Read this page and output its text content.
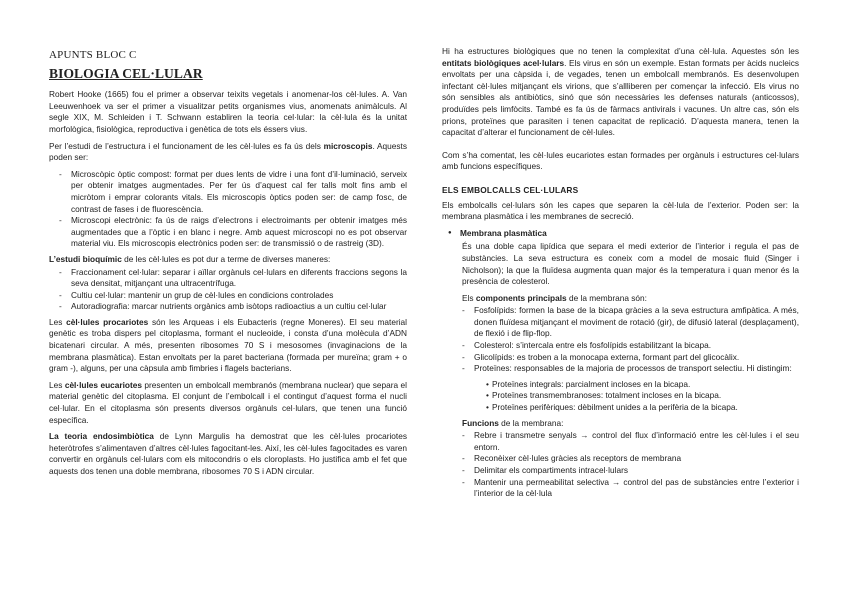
APUNTS BLOC C
BIOLOGIA CEL·LULAR

Robert Hooke (1665) fou el primer a observar teixits vegetals i anomenar-los cèl·lules. A. Van Leeuwenhoek va ser el primer a visualitzar petits organismes vius, anomenats animàlculs. Al segle XIX, M. Schleiden i T. Schwann establiren la teoria cel·lular: la cèl·lula és la unitat morfològica, fisiològica, reproductiva i genètica de tots els éssers vius.

Per l’estudi de l’estructura i el funcionament de les cèl·lules es fa ús dels microscopis. Aquests poden ser:

- Microscòpic òptic compost: format per dues lents de vidre i una font d’il·luminació, serveix per obtenir imatges augmentades. Per fer ús d’aquest cal fer talls molt fins amb el micròtom i emprar colorants vitals. Els microscopis òptics poden ser: de camp fosc, de contrast de fases i de fluorescència.
- Microscopi electrònic: fa ús de raigs d’electrons i electroimants per obtenir imatges més augmentades que a l’òptic i en blanc i negre. Amb aquest microscopi no es pot observar material viu. Els microscopis electrònics poden ser: de transmissió o de rastreig (3D).

L’estudi bioquímic de les cèl·lules es pot dur a terme de diverses maneres:

- Fraccionament cel·lular: separar i aïllar orgànuls cel·lulars en diferents fraccions segons la seva densitat, mitjançant una ultracentrífuga.
- Cultiu cel·lular: mantenir un grup de cèl·lules en condicions controlades
- Autoradiografia: marcar nutrients orgànics amb isòtops radioactius a un cultiu cel·lular

Les cèl·lules procariotes són les Arqueas i els Eubacteris (regne Moneres). El seu material genètic es troba dispers pel citoplasma, formant el nucleoide, i consta d’una molècula d’ADN bicatenari circular. A més, presenten ribosomes 70 S i mesosomes (invaginacions de la membrana plasmàtica). Estan envoltats per la paret bacteriana (formada per mureïna; gram + o gram -), alguns, per una càpsula amb fimbries i flagels bacterians.

Les cèl·lules eucariotes presenten un embolcall membranós (membrana nuclear) que separa el material genètic del citoplasma. El conjunt de l’embolcall i el contingut d’aquest forma el nucli cel·lular. En el citoplasma són presents diversos orgànuls cel·lulars, que tenen una funció específica.

La teoria endosimbiòtica de Lynn Margulis ha demostrat que les cèl·lules procariotes heteròtrofes s’alimentaven d’altres cèl·lules fagocitant-les. Així, les cèl·lules fagocitades es varen convertir en orgànuls cel·lulars com els mitocondris o els cloroplasts. Ho justifica amb el fet que aquests dos tenen una doble membrana, ribosomes 70 S i ADN circular.

Hi ha estructures biològiques que no tenen la complexitat d’una cèl·lula. Aquestes són les entitats biològiques acel·lulars. Els virus en són un exemple. Estan formats per àcids nucleics envoltats per una càpsida i, de vegades, tenen un embolcall membranós. Es desenvolupen infectant cèl·lules mitjançant els virions, que s’allliberen per començar la infecció. Els virus no són sensibles als antibiòtics, sinó que són necessàries les defenses naturals (anticossos), produïdes pels limfòcits. També es fa ús de fàrmacs antivirals i vacunes. Un altre cas, són els prions, proteïnes que parasiten i tenen capacitat de replicació. D’aquesta manera, tenen la capacitat d’alterar el funcionament de cèl·lules.

Com s’ha comentat, les cèl·lules eucariotes estan formades per orgànuls i estructures cel·lulars amb funcions específiques.

ELS EMBOLCALLS CEL·LULARS

Els embolcalls cel·lulars són les capes que separen la cèl·lula de l’exterior. Poden ser: la membrana plasmàtica i les membranes de secreció.

● Membrana plasmàtica

És una doble capa lipídica que separa el medi exterior de l’interior i regula el pas de substàncies. La seva estructura es coneix com a model de mosaic fluid (Singer i Nicholson); la que la fluïdesa augmenta quan major és la temperatura i quan menor és la presència de colesterol.

Els components principals de la membrana són:

- Fosfolípids: formen la base de la bicapa gràcies a la seva estructura amfipàtica. A més, donen fluïdesa mitjançant el moviment de rotació (gir), de difusió lateral (desplaçament), de flexió i de flip-flop.
- Colesterol: s’intercala entre els fosfolípids estabilitzant la bicapa.
- Glicolípids: es troben a la monocapa externa, formant part del glicocàlix.
- Proteïnes: responsables de la majoria de processos de transport selectiu. Hi distingim:
• Proteïnes integrals: parcialment incloses en la bicapa.
• Proteïnes transmembranoses: totalment incloses en la bicapa.
• Proteïnes perifèriques: dèbilment unides a la perifèria de la bicapa.

Funcions de la membrana:

- Rebre i transmetre senyals → control del flux d’informació entre les cèl·lules i el seu entorn.
- Reconèixer cèl·lules gràcies als receptors de membrana
- Delimitar els compartiments intracel·lulars
- Mantenir una permeabilitat selectiva → control del pas de substàncies entre l’exterior i l’interior de la cèl·lula
